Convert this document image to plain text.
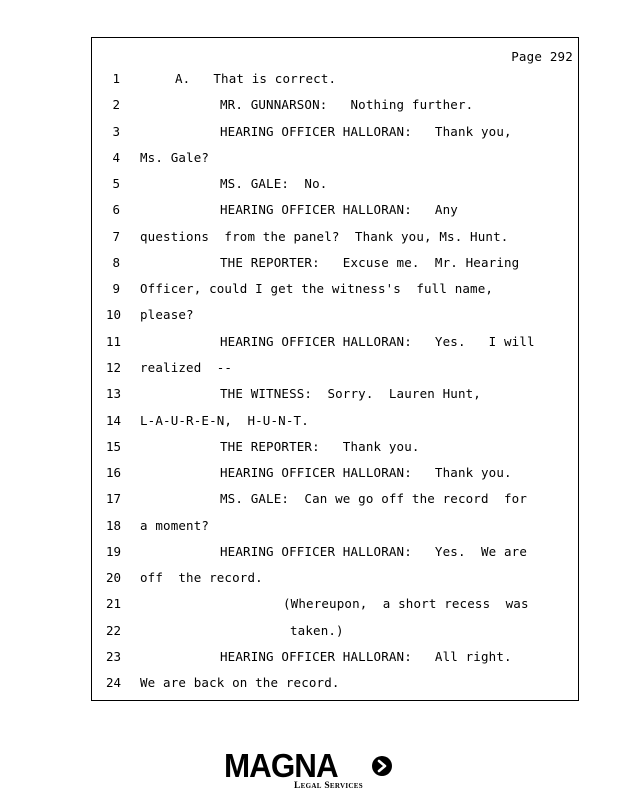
Page 292
1	A.   That is correct.
2	MR. GUNNARSON:   Nothing further.
3	HEARING OFFICER HALLORAN:   Thank you,
4 Ms. Gale?
5	MS. GALE:  No.
6	HEARING OFFICER HALLORAN:   Any
7 questions  from the panel?  Thank you, Ms. Hunt.
8	THE REPORTER:   Excuse me.  Mr. Hearing
9 Officer, could I get the witness's  full name,
10 please?
11	HEARING OFFICER HALLORAN:   Yes.   I will
12 realized  --
13	THE WITNESS:  Sorry.  Lauren Hunt,
14 L-A-U-R-E-N,  H-U-N-T.
15	THE REPORTER:   Thank you.
16	HEARING OFFICER HALLORAN:   Thank you.
17	MS. GALE:  Can we go off the record  for
18 a moment?
19	HEARING OFFICER HALLORAN:   Yes.  We are
20 off  the record.
21	(Whereupon,  a short recess  was
22	taken.)
23	HEARING OFFICER HALLORAN:   All right.
24 We are back on the record.
MAGNA
Legal Services
